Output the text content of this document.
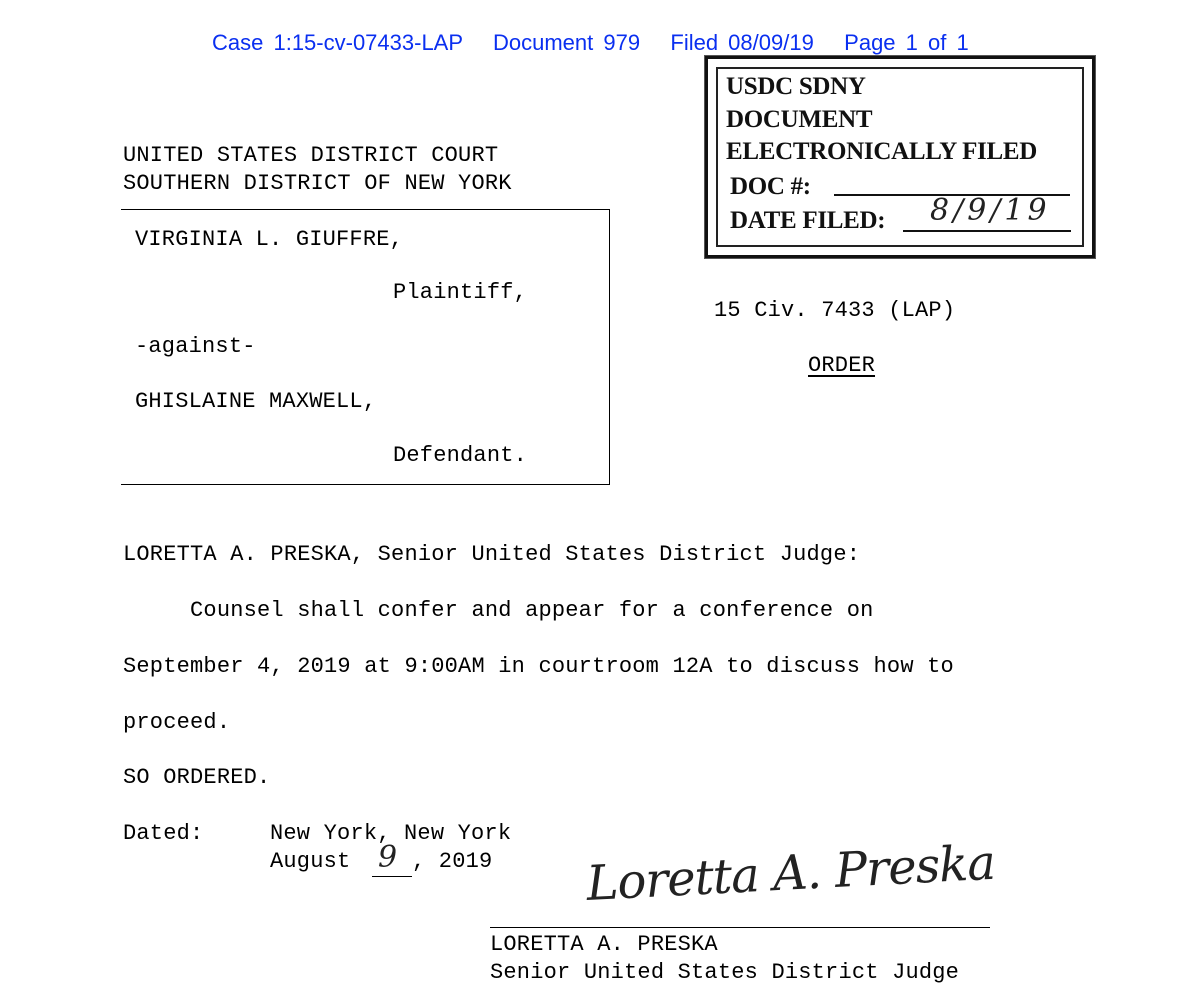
Case 1:15-cv-07433-LAP   Document 979   Filed 08/09/19   Page 1 of 1
UNITED STATES DISTRICT COURT
SOUTHERN DISTRICT OF NEW YORK
VIRGINIA L. GIUFFRE,
Plaintiff,
-against-
GHISLAINE MAXWELL,
Defendant.
USDC SDNY
DOCUMENT
ELECTRONICALLY FILED
DOC #:
DATE FILED: 8/9/19
15 Civ. 7433 (LAP)
ORDER
LORETTA A. PRESKA, Senior United States District Judge:
Counsel shall confer and appear for a conference on
September 4, 2019 at 9:00AM in courtroom 12A to discuss how to
proceed.
SO ORDERED.
Dated:	New York, New York
August 9 , 2019 Loretta A. Preska
LORETTA A. PRESKA
Senior United States District Judge
